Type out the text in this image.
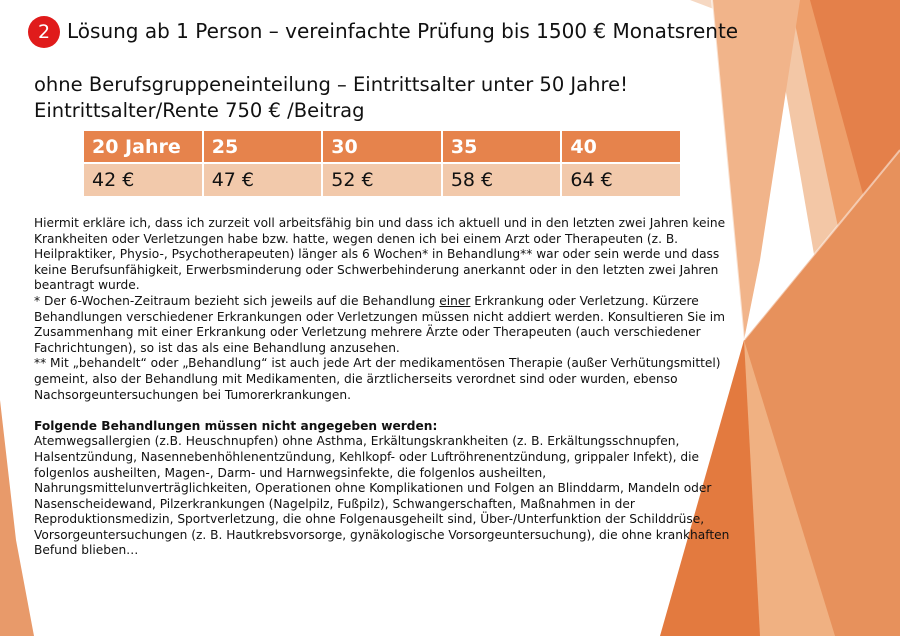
2 Lösung ab 1 Person – vereinfachte Prüfung bis 1500 € Monatsrente
ohne Berufsgruppeneinteilung – Eintrittsalter unter 50 Jahre!
Eintrittsalter/Rente 750 € /Beitrag
20 Jahre	25	30	35	40
42 €	47 €	52 €	58 €	64 €

Hiermit erkläre ich, dass ich zurzeit voll arbeitsfähig bin und dass ich aktuell und in den letzten zwei Jahren keine Krankheiten oder Verletzungen habe bzw. hatte, wegen denen ich bei einem Arzt oder Therapeuten (z. B. Heilpraktiker, Physio-, Psychotherapeuten) länger als 6 Wochen* in Behandlung** war oder sein werde und dass keine Berufsunfähigkeit, Erwerbsminderung oder Schwerbehinderung anerkannt oder in den letzten zwei Jahren beantragt wurde.

* Der 6-Wochen-Zeitraum bezieht sich jeweils auf die Behandlung einer Erkrankung oder Verletzung. Kürzere Behandlungen verschiedener Erkrankungen oder Verletzungen müssen nicht addiert werden. Konsultieren Sie im Zusammenhang mit einer Erkrankung oder Verletzung mehrere Ärzte oder Therapeuten (auch verschiedener Fachrichtungen), so ist das als eine Behandlung anzusehen.

** Mit „behandelt“ oder „Behandlung“ ist auch jede Art der medikamentösen Therapie (außer Verhütungsmittel) gemeint, also der Behandlung mit Medikamenten, die ärztlicherseits verordnet sind oder wurden, ebenso Nachsorgeuntersuchungen bei Tumorerkrankungen.

Folgende Behandlungen müssen nicht angegeben werden:

Atemwegsallergien (z.B. Heuschnupfen) ohne Asthma, Erkältungskrankheiten (z. B. Erkältungsschnupfen, Halsentzündung, Nasennebenhöhlenentzündung, Kehlkopf- oder Luftröhrenentzündung, grippaler Infekt), die folgenlos ausheilten, Magen-, Darm- und Harnwegsinfekte, die folgenlos ausheilten, Nahrungsmittelunverträglichkeiten, Operationen ohne Komplikationen und Folgen an Blinddarm, Mandeln oder Nasenscheidewand, Pilzerkrankungen (Nagelpilz, Fußpilz), Schwangerschaften, Maßnahmen in der Reproduktionsmedizin, Sportverletzung, die ohne Folgenausgeheilt sind, Über-/Unterfunktion der Schilddrüse, Vorsorgeuntersuchungen (z. B. Hautkrebsvorsorge, gynäkologische Vorsorgeuntersuchung), die ohne krankhaften Befund blieben…
